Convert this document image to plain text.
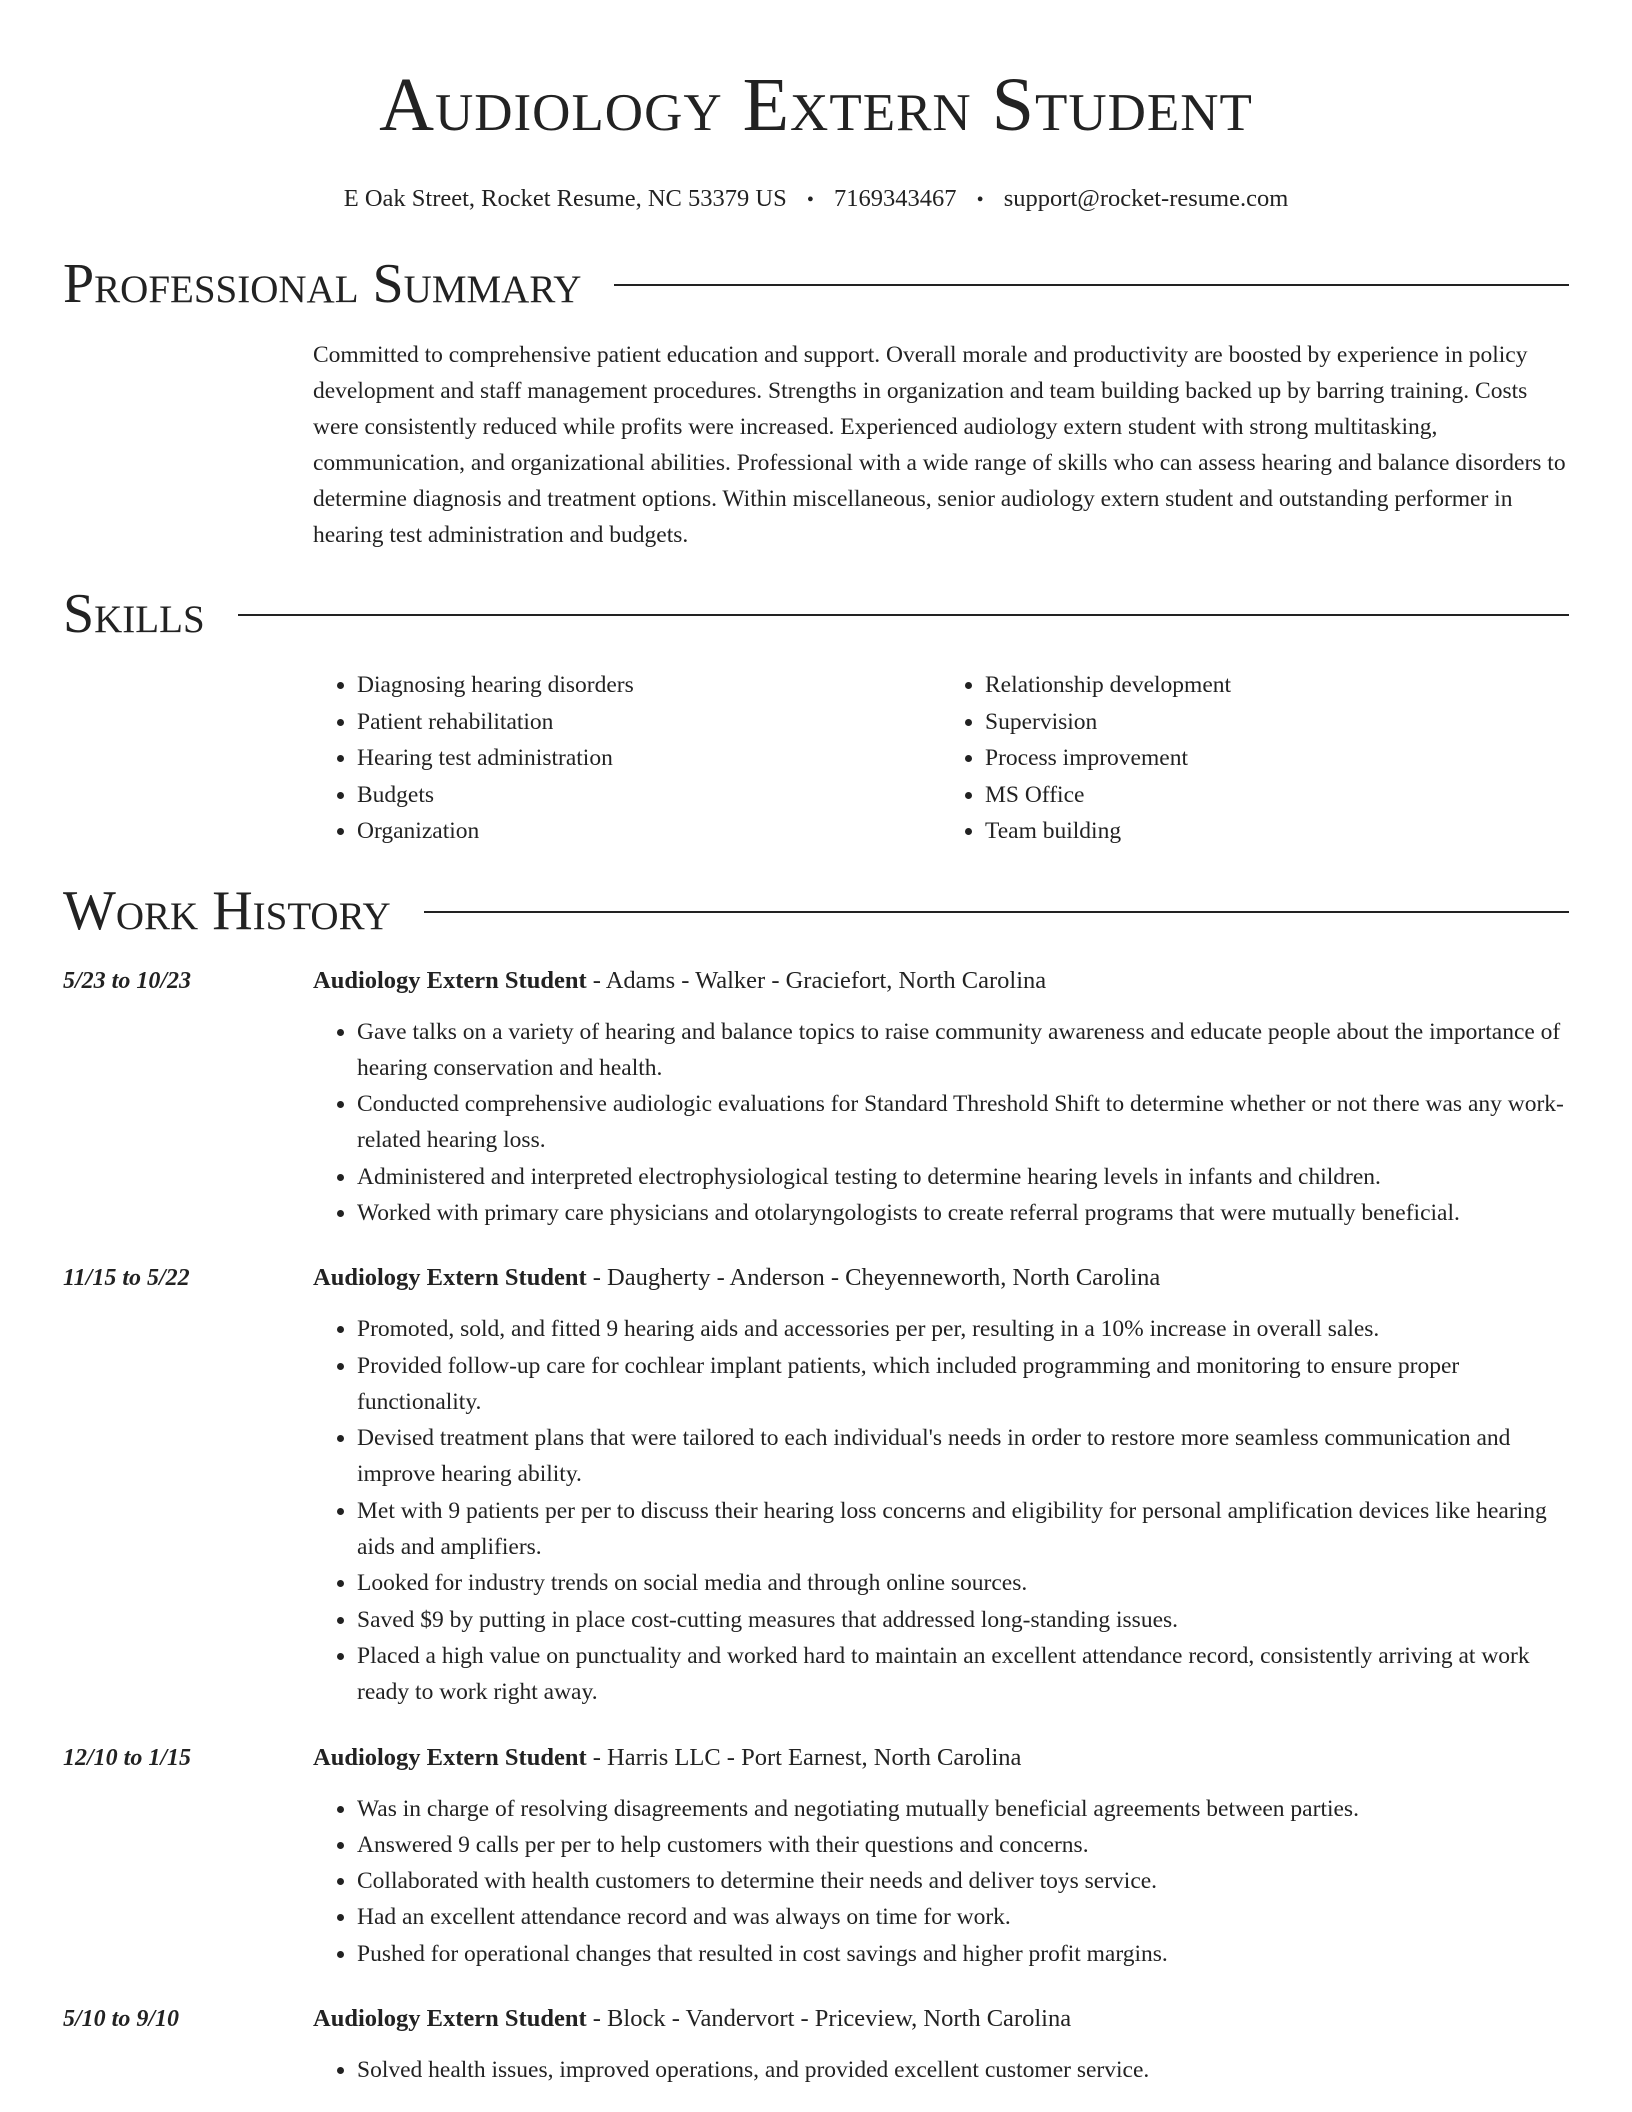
Audiology Extern Student
E Oak Street, Rocket Resume, NC 53379 US • 7169343467 • support@rocket-resume.com
Professional Summary
Committed to comprehensive patient education and support. Overall morale and productivity are boosted by experience in policy development and staff management procedures. Strengths in organization and team building backed up by barring training. Costs were consistently reduced while profits were increased. Experienced audiology extern student with strong multitasking, communication, and organizational abilities. Professional with a wide range of skills who can assess hearing and balance disorders to determine diagnosis and treatment options. Within miscellaneous, senior audiology extern student and outstanding performer in hearing test administration and budgets.
Skills
• Diagnosing hearing disorders
• Patient rehabilitation
• Hearing test administration
• Budgets
• Organization
• Relationship development
• Supervision
• Process improvement
• MS Office
• Team building
Work History
5/23 to 10/23	Audiology Extern Student - Adams - Walker - Graciefort, North Carolina
• Gave talks on a variety of hearing and balance topics to raise community awareness and educate people about the importance of hearing conservation and health.
• Conducted comprehensive audiologic evaluations for Standard Threshold Shift to determine whether or not there was any work-related hearing loss.
• Administered and interpreted electrophysiological testing to determine hearing levels in infants and children.
• Worked with primary care physicians and otolaryngologists to create referral programs that were mutually beneficial.
11/15 to 5/22	Audiology Extern Student - Daugherty - Anderson - Cheyenneworth, North Carolina
• Promoted, sold, and fitted 9 hearing aids and accessories per per, resulting in a 10% increase in overall sales.
• Provided follow-up care for cochlear implant patients, which included programming and monitoring to ensure proper functionality.
• Devised treatment plans that were tailored to each individual's needs in order to restore more seamless communication and improve hearing ability.
• Met with 9 patients per per to discuss their hearing loss concerns and eligibility for personal amplification devices like hearing aids and amplifiers.
• Looked for industry trends on social media and through online sources.
• Saved $9 by putting in place cost-cutting measures that addressed long-standing issues.
• Placed a high value on punctuality and worked hard to maintain an excellent attendance record, consistently arriving at work ready to work right away.
12/10 to 1/15	Audiology Extern Student - Harris LLC - Port Earnest, North Carolina
• Was in charge of resolving disagreements and negotiating mutually beneficial agreements between parties.
• Answered 9 calls per per to help customers with their questions and concerns.
• Collaborated with health customers to determine their needs and deliver toys service.
• Had an excellent attendance record and was always on time for work.
• Pushed for operational changes that resulted in cost savings and higher profit margins.
5/10 to 9/10	Audiology Extern Student - Block - Vandervort - Priceview, North Carolina
• Solved health issues, improved operations, and provided excellent customer service.
